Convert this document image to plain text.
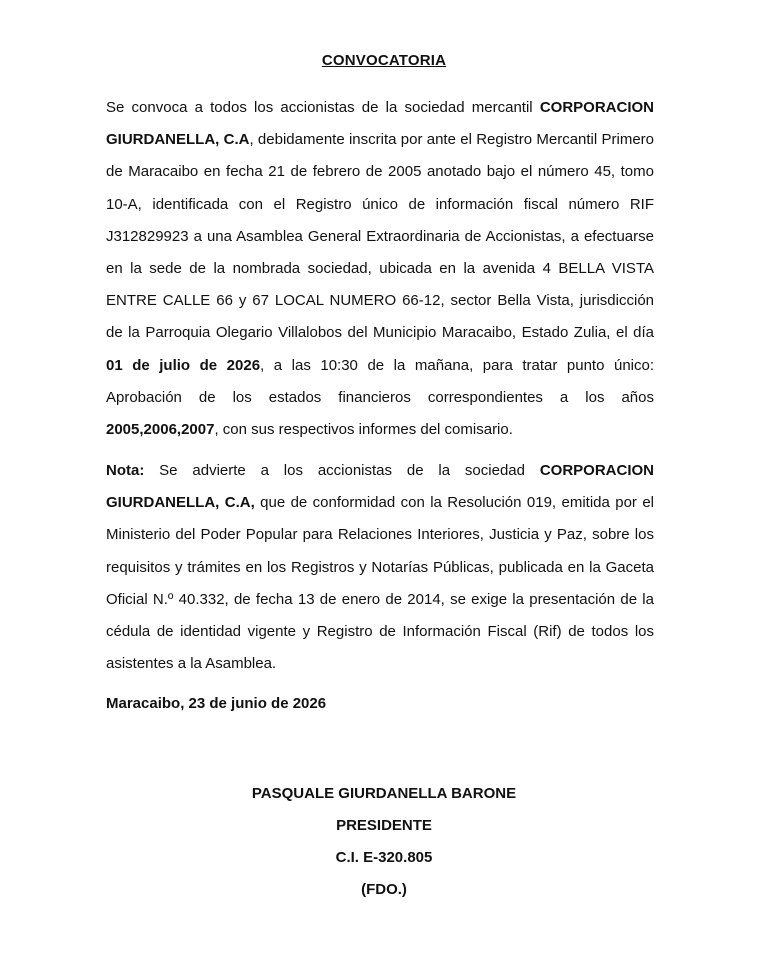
CONVOCATORIA
Se convoca a todos los accionistas de la sociedad mercantil CORPORACION GIURDANELLA, C.A, debidamente inscrita por ante el Registro Mercantil Primero de Maracaibo en fecha 21 de febrero de 2005 anotado bajo el número 45, tomo 10-A, identificada con el Registro único de información fiscal número RIF J312829923 a una Asamblea General Extraordinaria de Accionistas, a efectuarse en la sede de la nombrada sociedad, ubicada en la avenida 4 BELLA VISTA ENTRE CALLE 66 y 67 LOCAL NUMERO 66-12, sector Bella Vista, jurisdicción de la Parroquia Olegario Villalobos del Municipio Maracaibo, Estado Zulia, el día 01 de julio de 2026, a las 10:30 de la mañana, para tratar punto único: Aprobación de los estados financieros correspondientes a los años 2005,2006,2007, con sus respectivos informes del comisario.
Nota: Se advierte a los accionistas de la sociedad CORPORACION GIURDANELLA, C.A, que de conformidad con la Resolución 019, emitida por el Ministerio del Poder Popular para Relaciones Interiores, Justicia y Paz, sobre los requisitos y trámites en los Registros y Notarías Públicas, publicada en la Gaceta Oficial N.º 40.332, de fecha 13 de enero de 2014, se exige la presentación de la cédula de identidad vigente y Registro de Información Fiscal (Rif) de todos los asistentes a la Asamblea.
Maracaibo, 23 de junio de 2026
PASQUALE GIURDANELLA BARONE
PRESIDENTE
C.I. E-320.805
(FDO.)
